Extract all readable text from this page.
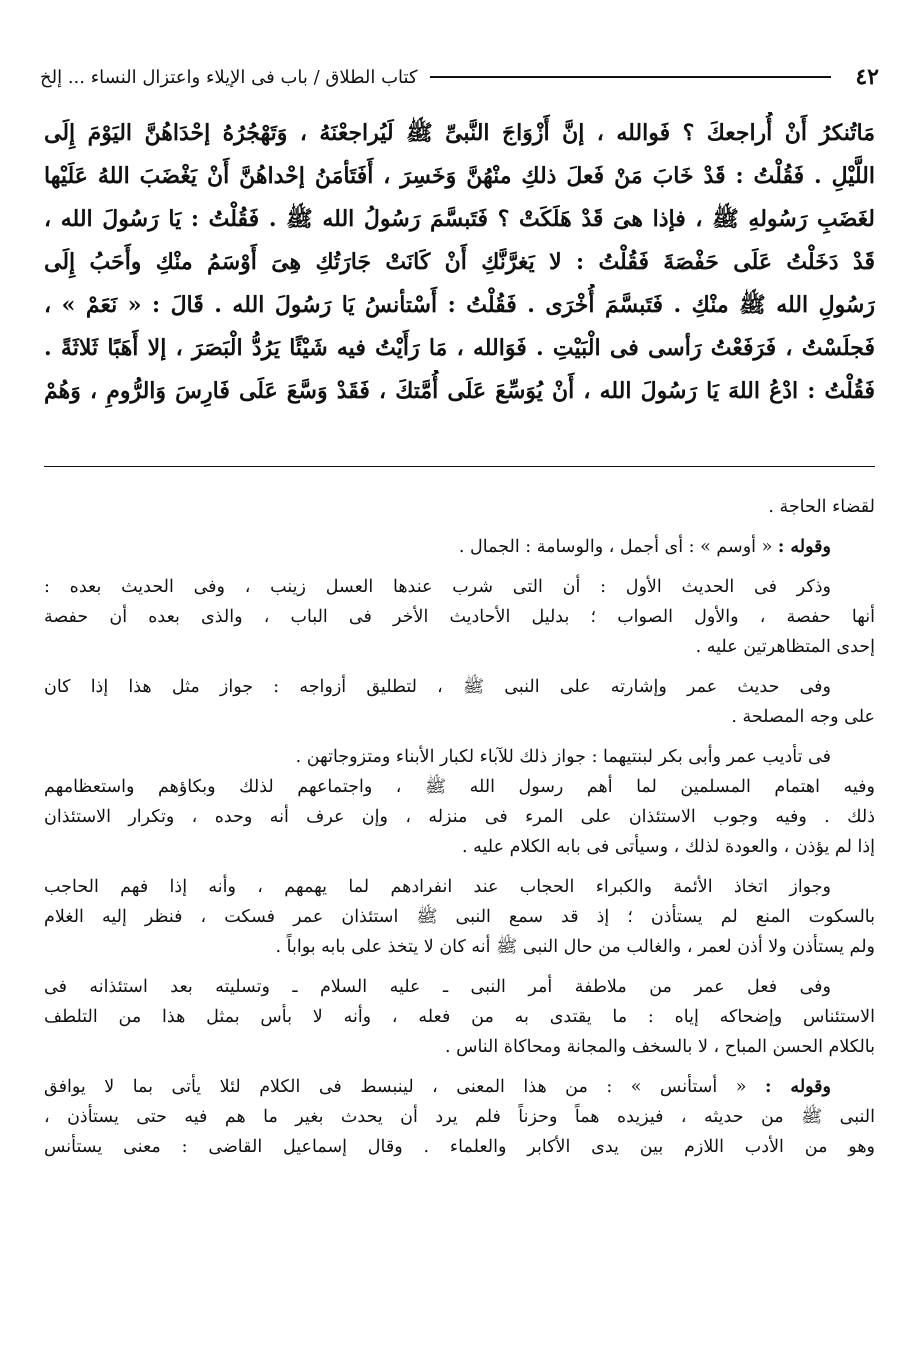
٤٢
كتاب الطلاق / باب فى الإيلاء واعتزال النساء ... إلخ
مَاتُنكرُ أَنْ أُراجعكَ ؟ فَوالله ، إنَّ أَزْوَاجَ النَّبىِّ ﷺ لَيُراجعْنَهُ ، وَتَهْجُرُهُ إحْدَاهُنَّ اليَوْمَ إِلَى
اللَّيْلِ . فَقُلْتُ : قَدْ خَابَ مَنْ فَعلَ ذلكِ منْهُنَّ وَخَسِرَ ، أَفَتَأمَنُ إحْداهُنَّ أَنْ يَغْضَبَ اللهُ عَلَيْها
لغَضَبِ رَسُولهِ ﷺ ، فإذا هىَ قَدْ هَلَكَتْ ؟ فَتَبسَّمَ رَسُولُ الله ﷺ . فَقُلْتُ : يَا رَسُولَ الله ،
قَدْ دَخَلْتُ عَلَى حَفْصَةَ فَقُلْتُ : لا يَغرَّنَّكِ أَنْ كَانَتْ جَارَتُكِ هِىَ أَوْسَمُ منْكِ وأَحَبُ إِلَى
رَسُولِ الله ﷺ منْكِ . فَتَبسَّمَ أُخْرَى . فَقُلْتُ : أَسْتأنسُ يَا رَسُولَ الله . قَالَ : « نَعَمْ » ،
فَجلَسْتُ ، فَرَفَعْتُ رَأسى فى الْبَيْتِ . فَوَالله ، مَا رَأَيْتُ فيه شَيْئًا يَرُدُّ الْبَصَرَ ، إلا أَهَبًا ثَلاثَةً .
فَقُلْتُ : ادْعُ اللهَ يَا رَسُولَ الله ، أَنْ يُوَسِّعَ عَلَى أُمَّتكَ ، فَقَدْ وَسَّعَ عَلَى فَارِسَ وَالرُّومِ ، وَهُمْ
لقضاء الحاجة .
وقوله : « أوسم » : أى أجمل ، والوسامة : الجمال .
وذكر فى الحديث الأول : أن التى شرب عندها العسل زينب ، وفى الحديث بعده :
أنها حفصة ، والأول الصواب ؛ بدليل الأحاديث الأخر فى الباب ، والذى بعده أن حفصة
إحدى المتظاهرتين عليه .
وفى حديث عمر وإشارته على النبى ﷺ ، لتطليق أزواجه : جواز مثل هذا إذا كان
على وجه المصلحة .
فى تأديب عمر وأبى بكر لبنتيهما : جواز ذلك للآباء لكبار الأبناء ومتزوجاتهن .
وفيه اهتمام المسلمين لما أهم رسول الله ﷺ ، واجتماعهم لذلك وبكاؤهم واستعظامهم
ذلك . وفيه وجوب الاستئذان على المرء فى منزله ، وإن عرف أنه وحده ، وتكرار الاستئذان
إذا لم يؤذن ، والعودة لذلك ، وسيأتى فى بابه الكلام عليه .
وجواز اتخاذ الأئمة والكبراء الحجاب عند انفرادهم لما يهمهم ، وأنه إذا فهم الحاجب
بالسكوت المنع لم يستأذن ؛ إذ قد سمع النبى ﷺ استئذان عمر فسكت ، فنظر إليه الغلام
ولم يستأذن ولا أذن لعمر ، والغالب من حال النبى ﷺ أنه كان لا يتخذ على بابه بواباً .
وفى فعل عمر من ملاطفة أمر النبى ـ عليه السلام ـ وتسليته بعد استئذانه فى
الاستئناس وإضحاكه إياه : ما يقتدى به من فعله ، وأنه لا بأس بمثل هذا من التلطف
بالكلام الحسن المباح ، لا بالسخف والمجانة ومحاكاة الناس .
وقوله : « أستأنس » : من هذا المعنى ، لينبسط فى الكلام لئلا يأتى بما لا يوافق
النبى ﷺ من حديثه ، فيزيده هماً وحزناً فلم يرد أن يحدث بغير ما هم فيه حتى يستأذن ،
وهو من الأدب اللازم بين يدى الأكابر والعلماء . وقال إسماعيل القاضى : معنى يستأنس
